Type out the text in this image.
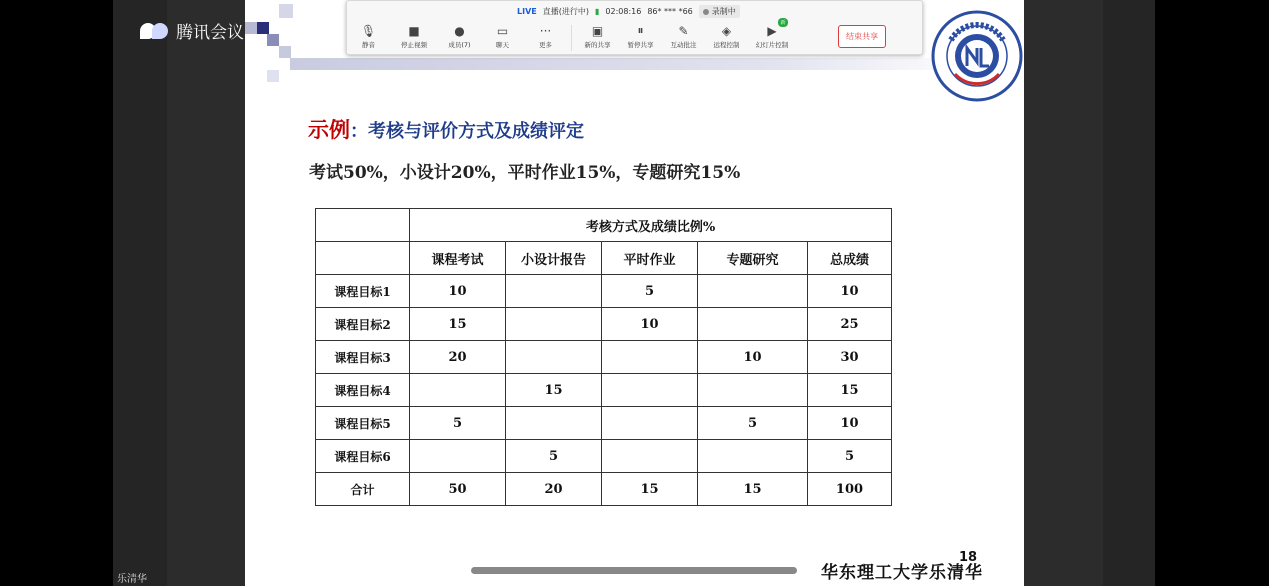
腾讯会议
乐清华
示例：考核与评价方式及成绩评定
考试50%，小设计20%，平时作业15%，专题研究15%
	考核方式及成绩比例%				
	课程考试	小设计报告	平时作业	专题研究	总成绩
课程目标1	10		5		10
课程目标2	15		10		25
课程目标3	20			10	30
课程目标4		15			15
课程目标5	5			5	10
课程目标6		5			5
合计	50	20	15	15	100
18
华东理工大学乐清华
LIVE 直播(进行中) ▮ 02:08:16 86* *** *66 录制中
🎙
静音
■
停止视频
●
成员(7)
▭
聊天
···
更多
▣
新的共享
⏸
暂停共享
✎
互动批注
◈
远程控制
▶
新
幻灯片控制
结束共享
